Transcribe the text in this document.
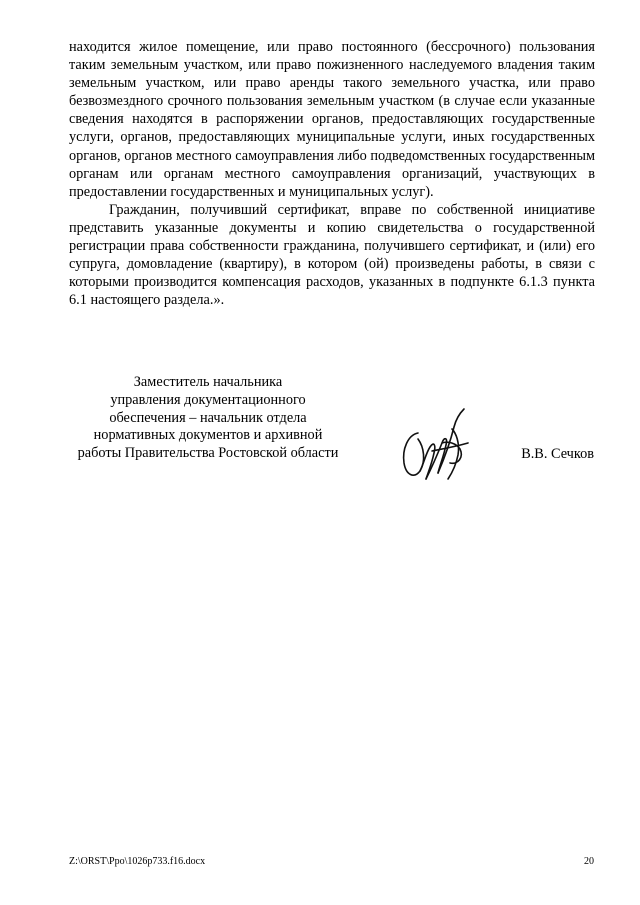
находится жилое помещение, или право постоянного (бессрочного) пользования таким земельным участком, или право пожизненного наследуемого владения таким земельным участком, или право аренды такого земельного участка, или право безвозмездного срочного пользования земельным участком (в случае если указанные сведения находятся в распоряжении органов, предоставляющих государственные услуги, органов, предоставляющих муниципальные услуги, иных государственных органов, органов местного самоуправления либо подведомственных государственным органам или органам местного самоуправления организаций, участвующих в предоставлении государственных и муниципальных услуг).

Гражданин, получивший сертификат, вправе по собственной инициативе представить указанные документы и копию свидетельства о государственной регистрации права собственности гражданина, получившего сертификат, и (или) его супруга, домовладение (квартиру), в котором (ой) произведены работы, в связи с которыми производится компенсация расходов, указанных в подпункте 6.1.3 пункта 6.1 настоящего раздела.».

Заместитель начальника
управления документационного
обеспечения – начальник отдела
нормативных документов и архивной
работы Правительства Ростовской области	В.В. Сечков
Z:\ORST\Ppo\1026p733.f16.docx	20
